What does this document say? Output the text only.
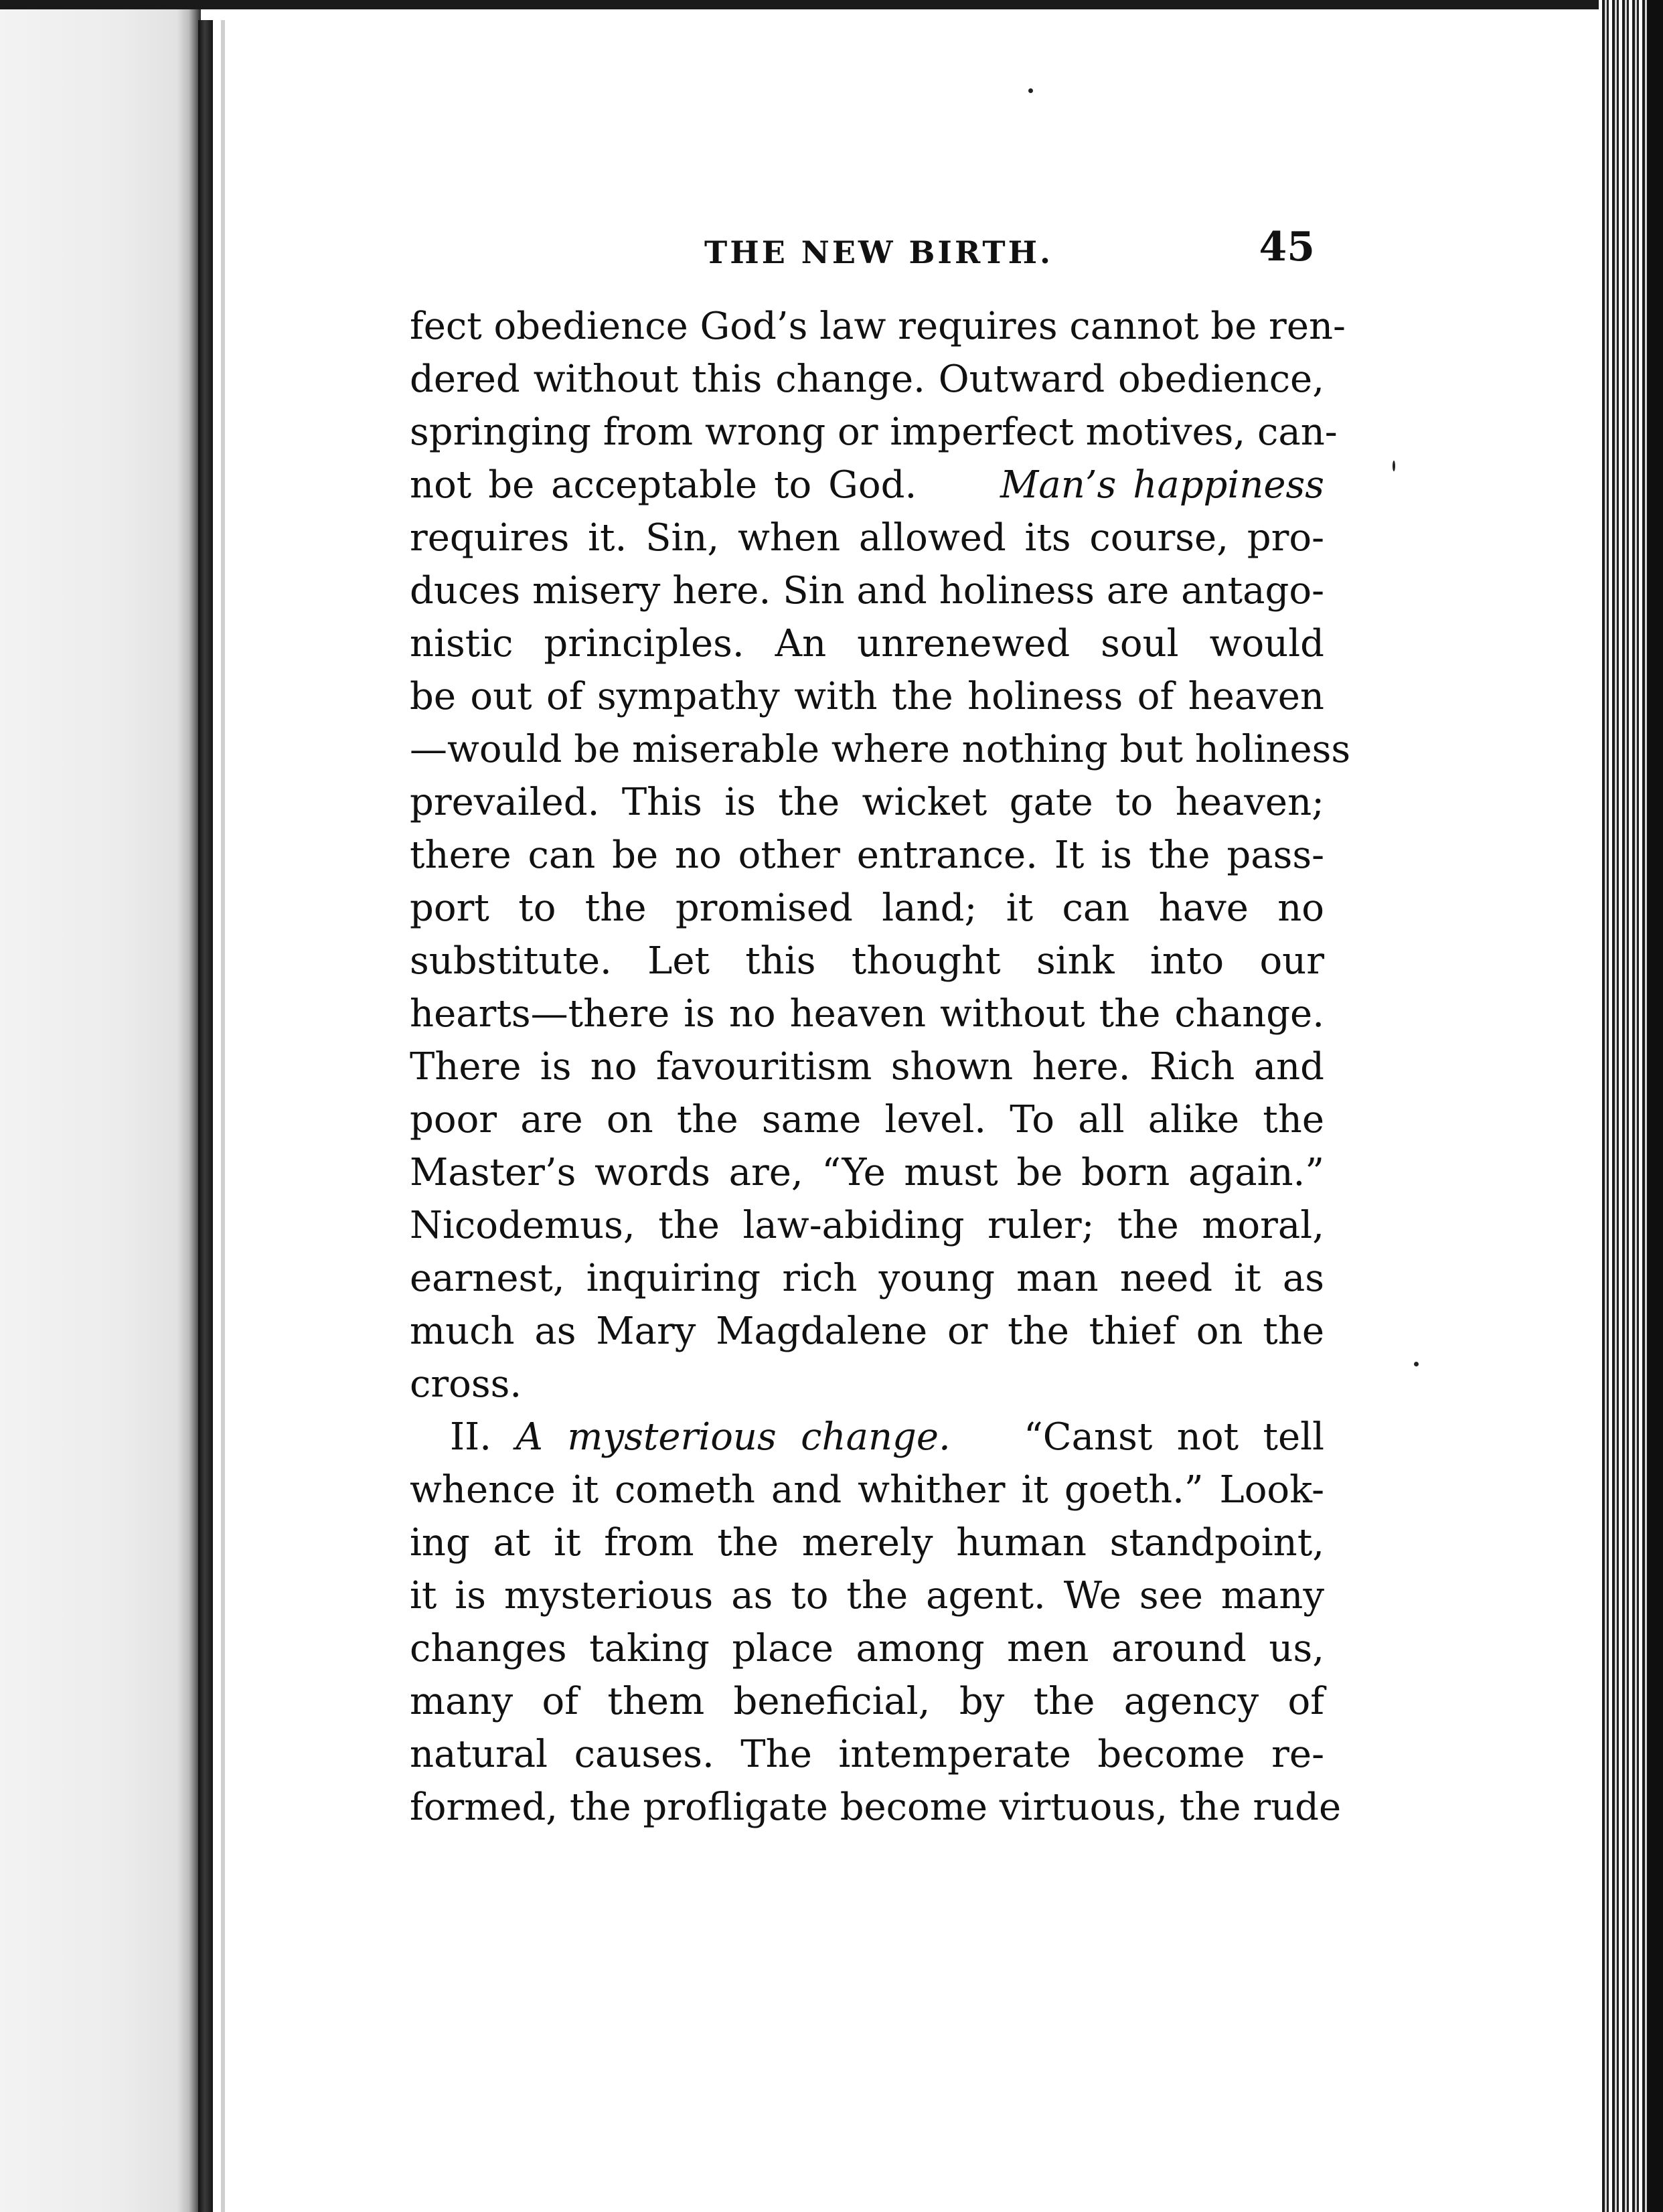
THE NEW BIRTH.	45

fect obedience God’s law requires cannot be ren-
dered without this change. Outward obedience,
springing from wrong or imperfect motives, can-
not be acceptable to God. Man’s happiness
requires it. Sin, when allowed its course, pro-
duces misery here. Sin and holiness are antago-
nistic principles. An unrenewed soul would
be out of sympathy with the holiness of heaven
—would be miserable where nothing but holiness
prevailed. This is the wicket gate to heaven;
there can be no other entrance. It is the pass-
port to the promised land; it can have no
substitute. Let this thought sink into our
hearts—there is no heaven without the change.
There is no favouritism shown here. Rich and
poor are on the same level. To all alike the
Master’s words are, “Ye must be born again.”
Nicodemus, the law-abiding ruler; the moral,
earnest, inquiring rich young man need it as
much as Mary Magdalene or the thief on the
cross.

II. A mysterious change. “Canst not tell
whence it cometh and whither it goeth.” Look-
ing at it from the merely human standpoint,
it is mysterious as to the agent. We see many
changes taking place among men around us,
many of them beneficial, by the agency of
natural causes. The intemperate become re-
formed, the profligate become virtuous, the rude
